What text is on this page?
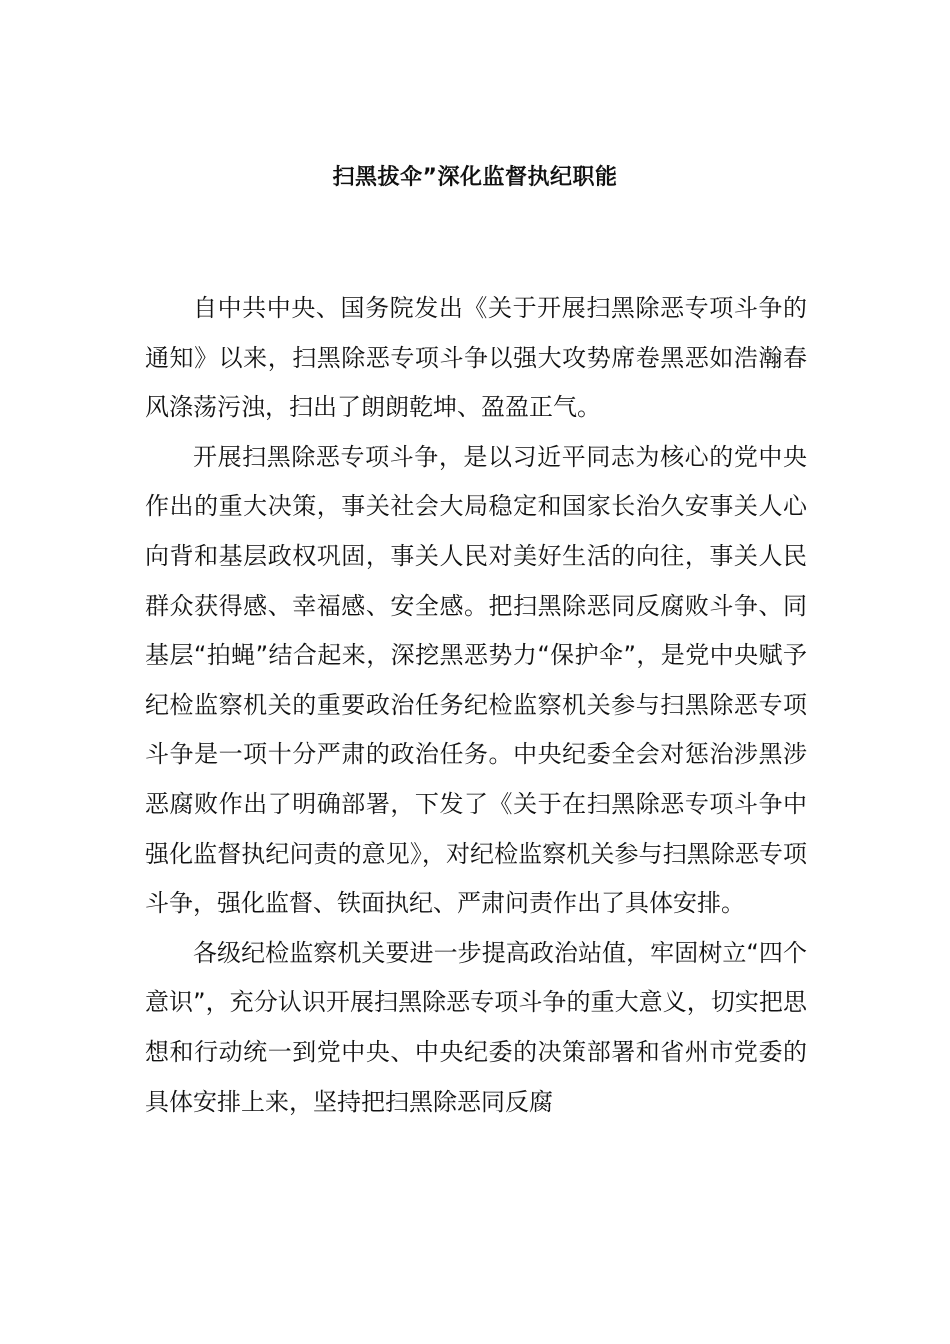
扫黑拔伞”深化监督执纪职能

自中共中央、国务院发出《关于开展扫黑除恶专项斗争的通知》以来，扫黑除恶专项斗争以强大攻势席卷黑恶如浩瀚春风涤荡污浊，扫出了朗朗乾坤、盈盈正气。

开展扫黑除恶专项斗争，是以习近平同志为核心的党中央作出的重大决策，事关社会大局稳定和国家长治久安事关人心向背和基层政权巩固，事关人民对美好生活的向往，事关人民群众获得感、幸福感、安全感。把扫黑除恶同反腐败斗争、同基层“拍蝇”结合起来，深挖黑恶势力“保护伞”，是党中央赋予纪检监察机关的重要政治任务纪检监察机关参与扫黑除恶专项斗争是一项十分严肃的政治任务。中央纪委全会对惩治涉黑涉恶腐败作出了明确部署，下发了《关于在扫黑除恶专项斗争中强化监督执纪问责的意见》，对纪检监察机关参与扫黑除恶专项斗争，强化监督、铁面执纪、严肃问责作出了具体安排。

各级纪检监察机关要进一步提高政治站值，牢固树立“四个意识”，充分认识开展扫黑除恶专项斗争的重大意义，切实把思想和行动统一到党中央、中央纪委的决策部署和省州市党委的具体安排上来，坚持把扫黑除恶同反腐
